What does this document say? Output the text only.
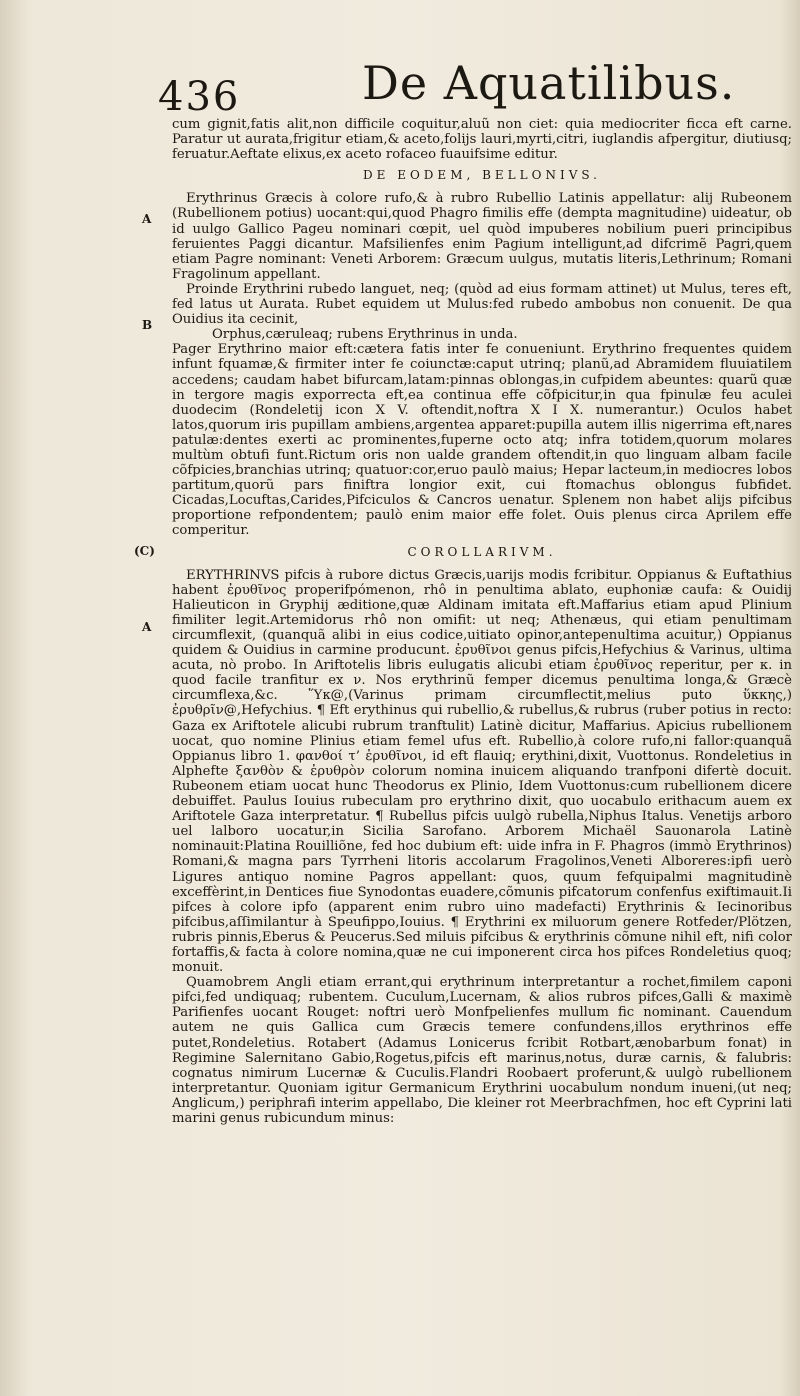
436	De Aquatilibus.
A
B
(C)
A

cum gignit,fatis alit,non difficile coquitur,aluũ non ciet: quia mediocriter ficca eft carne. Paratur ut aurata,frigitur etiam,& aceto,folijs lauri,myrti,citri, iuglandis afpergitur, diutiusq; feruatur.Aeftate elixus,ex aceto rofaceo fuauifsime editur.

DE EODEM, BELLONIVS.

Erythrinus Græcis à colore rufo,& à rubro Rubellio Latinis appellatur: alij Rubeonem (Rubellionem potius) uocant:qui,quod Phagro fimilis effe (dempta magnitudine) uideatur, ob id uulgo Gallico Pageu nominari cœpit, uel quòd impuberes nobilium pueri principibus feruientes Paggi dicantur. Mafsilienfes enim Pagium intelligunt,ad difcrimẽ Pagri,quem etiam Pagre nominant: Veneti Arborem: Græcum uulgus, mutatis literis,Lethrinum; Romani Fragolinum appellant.

Proinde Erythrini rubedo languet, neq; (quòd ad eius formam attinet) ut Mulus, teres eft, fed latus ut Aurata. Rubet equidem ut Mulus:fed rubedo ambobus non conuenit. De qua Ouidius ita cecinit,

Orphus,cæruleaq; rubens Erythrinus in unda.

Pager Erythrino maior eft:cætera fatis inter fe conueniunt. Erythrino frequentes quidem infunt fquamæ,& firmiter inter fe coiunctæ:caput utrinq; planũ,ad Abramidem fluuiatilem accedens; caudam habet bifurcam,latam:pinnas oblongas,in cufpidem abeuntes: quarũ quæ in tergore magis exporrecta eft,ea continua effe cõfpicitur,in qua fpinulæ feu aculei duodecim (Rondeletij icon X V. oftendit,noftra X I X. numerantur.) Oculos habet latos,quorum iris pupillam ambiens,argentea apparet:pupilla autem illis nigerrima eft,nares patulæ:dentes exerti ac prominentes,fuperne octo atq; infra totidem,quorum molares multùm obtufi funt.Rictum oris non ualde grandem oftendit,in quo linguam albam facile cõfpicies,branchias utrinq; quatuor:cor,eruo paulò maius; Hepar lacteum,in mediocres lobos partitum,quorũ pars finiftra longior exit, cui ftomachus oblongus fubfidet. Cicadas,Locuftas,Carides,Pifciculos & Cancros uenatur. Splenem non habet alijs pifcibus proportione refpondentem; paulò enim maior effe folet. Ouis plenus circa Aprilem effe comperitur.

COROLLARIVM.

ERYTHRINVS pifcis à rubore dictus Græcis,uarijs modis fcribitur. Oppianus & Euftathius habent ἐρυθῖνος properifpómenon, rhô in penultima ablato, euphoniæ caufa: & Ouidij Halieuticon in Gryphij æditione,quæ Aldinam imitata eft.Maffarius etiam apud Plinium fimiliter legit.Artemidorus rhô non omifit: ut neq; Athenæus, qui etiam penultimam circumflexit, (quanquã alibi in eius codice,uitiato opinor,antepenultima acuitur,) Oppianus quidem & Ouidius in carmine producunt. ἐρυθῖνοι genus pifcis,Hefychius & Varinus, ultima acuta, nò probo. In Ariftotelis libris eulugatis alicubi etiam ἐρυθῖνος reperitur, per κ. in quod facile tranfitur ex ν. Nos erythrinũ femper dicemus penultima longa,& Græcè circumflexa,&c. Ὕκ@,(Varinus primam circumflectit,melius puto ὕκκης,) ἐρυθρῖν@,Hefychius. ¶ Eft erythinus qui rubellio,& rubellus,& rubrus (ruber potius in recto: Gaza ex Ariftotele alicubi rubrum tranftulit) Latinè dicitur, Maffarius. Apicius rubellionem uocat, quo nomine Plinius etiam femel ufus eft. Rubellio,à colore rufo,ni fallor:quanquã Oppianus libro 1. φανθοί τ’ ἐρυθῖνοι, id eft flauiq; erythini,dixit, Vuottonus. Rondeletius in Alphefte ξανθὸν & ἐρυθρὸν colorum nomina inuicem aliquando tranfponi difertè docuit. Rubeonem etiam uocat hunc Theodorus ex Plinio, Idem Vuottonus:cum rubellionem dicere debuiffet. Paulus Iouius rubeculam pro erythrino dixit, quo uocabulo erithacum auem ex Ariftotele Gaza interpretatur. ¶ Rubellus pifcis uulgò rubella,Niphus Italus. Venetijs arboro uel lalboro uocatur,in Sicilia Sarofano. Arborem Michaël Sauonarola Latinè nominauit:Platina Rouilliõne, fed hoc dubium eft: uide infra in F. Phagros (immò Erythrinos) Romani,& magna pars Tyrrheni litoris accolarum Fragolinos,Veneti Alboreres:ipfi uerò Ligures antiquo nomine Pagros appellant: quos, quum fefquipalmi magnitudinè exceffèrint,in Dentices fiue Synodontas euadere,cõmunis pifcatorum confenfus exiftimauit.Ii pifces à colore ipfo (apparent enim rubro uino madefacti) Erythrinis & Iecinoribus pifcibus,aſſimilantur à Speufippo,Iouius. ¶ Erythrini ex miluorum genere Rotfeder/Plötzen, rubris pinnis,Eberus & Peucerus.Sed miluis pifcibus & erythrinis cõmune nihil eft, nifi color fortaffis,& facta à colore nomina,quæ ne cui imponerent circa hos pifces Rondeletius quoq; monuit.

Quamobrem Angli etiam errant,qui erythrinum interpretantur a rochet,fimilem caponi pifci,fed undiquaq; rubentem. Cuculum,Lucernam, & alios rubros pifces,Galli & maximè Parifienfes uocant Rouget: noftri uerò Monfpelienfes mullum fic nominant. Cauendum autem ne quis Gallica cum Græcis temere confundens,illos erythrinos effe putet,Rondeletius. Rotabert (Adamus Lonicerus fcribit Rotbart,ænobarbum fonat) in Regimine Salernitano Gabio,Rogetus,pifcis eft marinus,notus, duræ carnis, & falubris: cognatus nimirum Lucernæ & Cuculis.Flandri Roobaert proferunt,& uulgò rubellionem interpretantur. Quoniam igitur Germanicum Erythrini uocabulum nondum inueni,(ut neq; Anglicum,) periphrafi interim appellabo, Die kleiner rot Meerbrachfmen, hoc eft Cyprini lati marini genus rubicundum minus:
